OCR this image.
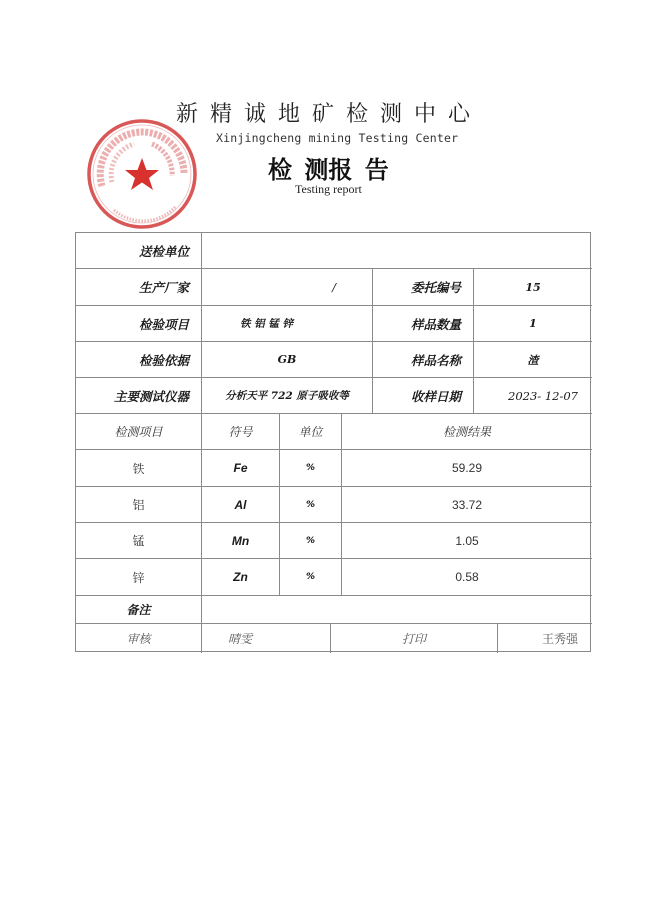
新精诚地矿检测中心
Xinjingcheng mining Testing Center
检 测报 告
Testing report
送检单位
生产厂家	/	委托编号	15
检验项目	铁 铝 锰 锌	样品数量	1
检验依据	GB	样品名称	渣
主要测试仪器	分析天平 722 原子吸收等	收样日期	2023- 12-07
检测项目	符号	单位	检测结果
铁	Fe	%	59.29
铝	Al	%	33.72
锰	Mn	%	1.05
锌	Zn	%	0.58
备注
审核	晴雯	打印	王秀强
